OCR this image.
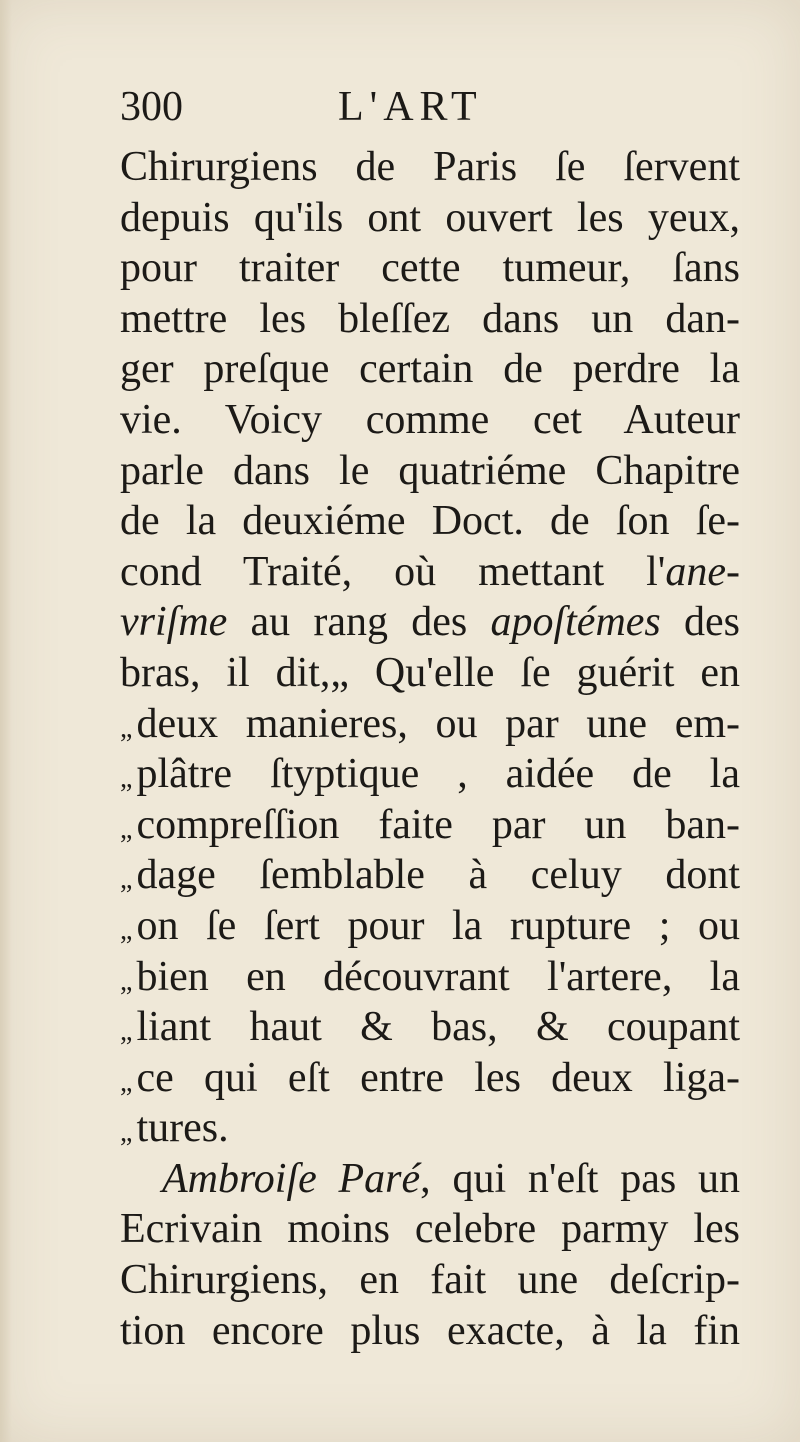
300	L'ART
Chirurgiens de Paris ſe ſervent
depuis qu'ils ont ouvert les yeux,
pour traiter cette tumeur, ſans
mettre les bleſſez dans un dan-
ger preſque certain de perdre la
vie. Voicy comme cet Auteur
parle dans le quatriéme Chapitre
de la deuxiéme Doct. de ſon ſe-
cond Traité, où mettant l'ane-
vriſme au rang des apoſtémes des
bras, il dit,„ Qu'elle ſe guérit en
„deux manieres, ou par une em-
„plâtre ſtyptique , aidée de la
„compreſſion faite par un ban-
„dage ſemblable à celuy dont
„on ſe ſert pour la rupture ; ou
„bien en découvrant l'artere, la
„liant haut & bas, & coupant
„ce qui eſt entre les deux liga-
„tures.
Ambroiſe Paré, qui n'eſt pas un
Ecrivain moins celebre parmy les
Chirurgiens, en fait une deſcrip-
tion encore plus exacte, à la fin
